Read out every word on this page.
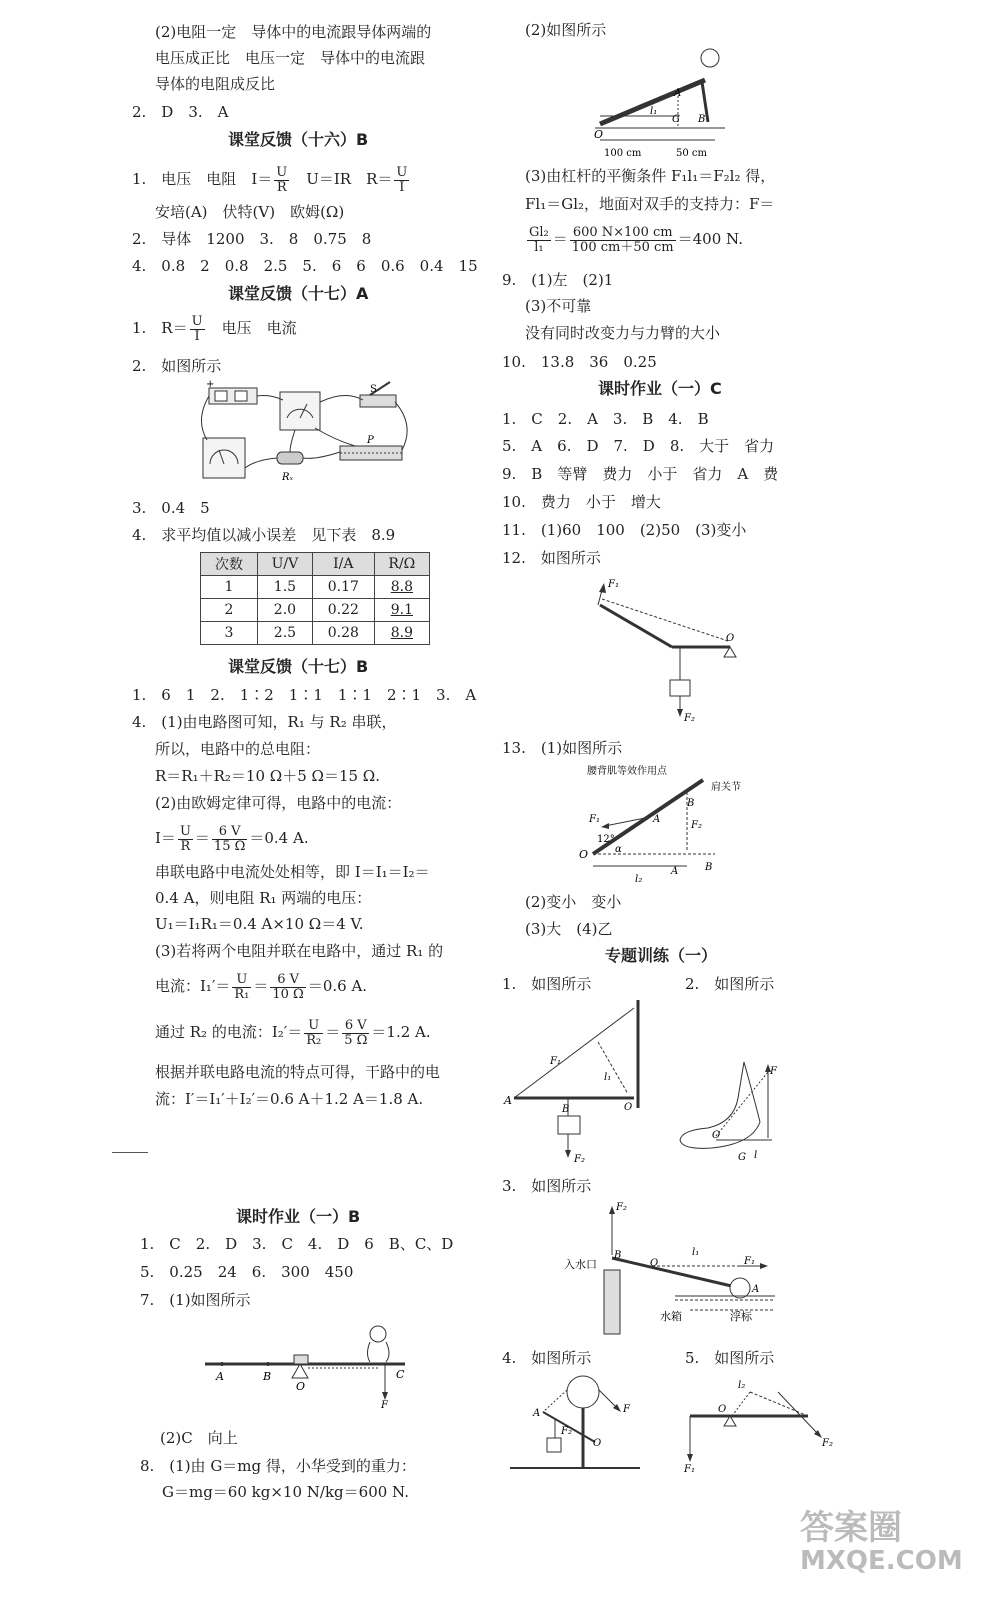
(2)电阻一定　导体中的电流跟导体两端的
电压成正比　电压一定　导体中的电流跟
导体的电阻成反比
2.　D　3.　A
课堂反馈（十六）B
1.　电压　电阻　$I= \frac{U}{R}$
　 U＝IR　$R= \frac{U}{I}$
安培(A)　伏特(V)　欧姆(Ω)
2.　导体　1200　3.　8　0.75　8
4.　0.8　2　0.8　2.5　5.　6　6　0.6　0.4　15
课堂反馈（十七）A
1.　$R= \frac{U}{I}$ 　电压　电流
2.　如图所示
+	S
P
Rₓ
3.　0.4　5
4.　求平均值以减小误差　见下表　8.9
次数	U/V	I/A	R/Ω
1	1.5	0.17	8.8
2	2.0	0.22	9.1
3	2.5	0.28	8.9
课堂反馈（十七）B
1.　6　1　2.　1∶2　1∶1　1∶1　2∶1　3.　A
4.　(1)由电路图可知，R₁ 与 R₂ 串联，
所以，电路中的总电阻：
R＝R₁＋R₂＝10 Ω＋5 Ω＝15 Ω.
(2)由欧姆定律可得，电路中的电流：
$I= \frac{U}{R} = \frac{6 V}{15 \Omega} =0.4$ A.
串联电路中电流处处相等，即 I＝I₁＝I₂＝
0.4 A，则电阻 R₁ 两端的电压：
U₁＝I₁R₁＝0.4 A×10 Ω＝4 V.
(3)若将两个电阻并联在电路中，通过 R₁ 的
电流：$I_1'= \frac{U}{\text{R₁}} = \frac{6 V}{10 \Omega} =0.6$ A.
通过 R₂ 的电流：$I_2'= \frac{U}{\text{R₂}} = \frac{6 V}{5 \Omega} =1.2$ A.
根据并联电路电流的特点可得，干路中的电
流：I′＝I₁′＋I₂′＝0.6 A＋1.2 A＝1.8 A.
课时作业（一）B
1.　C　2.　D　3.　C　4.　D　6　B、C、D
5.　0.25　24　6.　300　450
7.　(1)如图所示
A	B
O
C
F
(2)C　向上
8.　(1)由 G＝mg 得，小华受到的重力：
G＝mg＝60 kg×10 N/kg＝600 N.
(2)如图所示
O
A
G B
l₁
100 cm	50 cm
(3)由杠杆的平衡条件 F₁l₁＝F₂l₂ 得，
Fl₁＝Gl₂，地面对双手的支持力：F＝
$\frac{\text{Gl₂}}{\text{l₁}} = \frac{600 N\times 100 cm}{100 cm+50 cm} =400$ N.
9.　(1)左　(2)1
(3)不可靠
没有同时改变力与力臂的大小
10.　13.8　36　0.25
课时作业（一）C
1.　C　2.　A　3.　B　4.　B
5.　A　6.　D　7.　D　8.　大于　省力
9.　B　等臂　费力　小于　省力　A　费
10.　费力　小于　增大
11.　(1)60　100　(2)50　(3)变小
12.　如图所示
F₁
O
F₂
13.　(1)如图所示
O
A
B
F₁
F₂
12°
α
A	B
l₂
腰背肌等效作用点
肩关节
(2)变小　变小
(3)大　(4)乙
专题训练（一）
1.　如图所示	2.　如图所示
A
B	O
F₁
l₁
F₂
F
O
G l
3.　如图所示
F₂
B
O
l₁
F₁
A
入水口
水箱	浮标
4.　如图所示	5.　如图所示
A
O
F
F₂
O
l₂
F₂
F₁
答案圈
MXQE.COM
